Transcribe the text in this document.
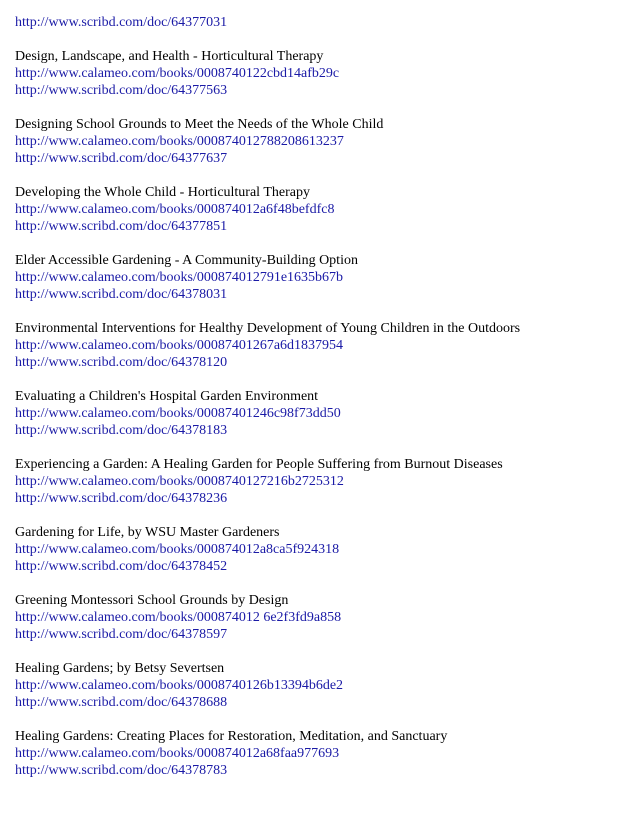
http://www.scribd.com/doc/64377031
Design, Landscape, and Health - Horticultural Therapy
http://www.calameo.com/books/0008740122cbd14afb29c
http://www.scribd.com/doc/64377563
Designing School Grounds to Meet the Needs of the Whole Child
http://www.calameo.com/books/000874012788208613237
http://www.scribd.com/doc/64377637
Developing the Whole Child - Horticultural Therapy
http://www.calameo.com/books/000874012a6f48befdfc8
http://www.scribd.com/doc/64377851
Elder Accessible Gardening - A Community-Building Option
http://www.calameo.com/books/000874012791e1635b67b
http://www.scribd.com/doc/64378031
Environmental Interventions for Healthy Development of Young Children in the Outdoors
http://www.calameo.com/books/00087401267a6d1837954
http://www.scribd.com/doc/64378120
Evaluating a Children's Hospital Garden Environment
http://www.calameo.com/books/00087401246c98f73dd50
http://www.scribd.com/doc/64378183
Experiencing a Garden: A Healing Garden for People Suffering from Burnout Diseases
http://www.calameo.com/books/0008740127216b2725312
http://www.scribd.com/doc/64378236
Gardening for Life, by WSU Master Gardeners
http://www.calameo.com/books/000874012a8ca5f924318
http://www.scribd.com/doc/64378452
Greening Montessori School Grounds by Design
http://www.calameo.com/books/000874012 6e2f3fd9a858
http://www.scribd.com/doc/64378597
Healing Gardens; by Betsy Severtsen
http://www.calameo.com/books/0008740126b13394b6de2
http://www.scribd.com/doc/64378688
Healing Gardens: Creating Places for Restoration, Meditation, and Sanctuary
http://www.calameo.com/books/000874012a68faa977693
http://www.scribd.com/doc/64378783
